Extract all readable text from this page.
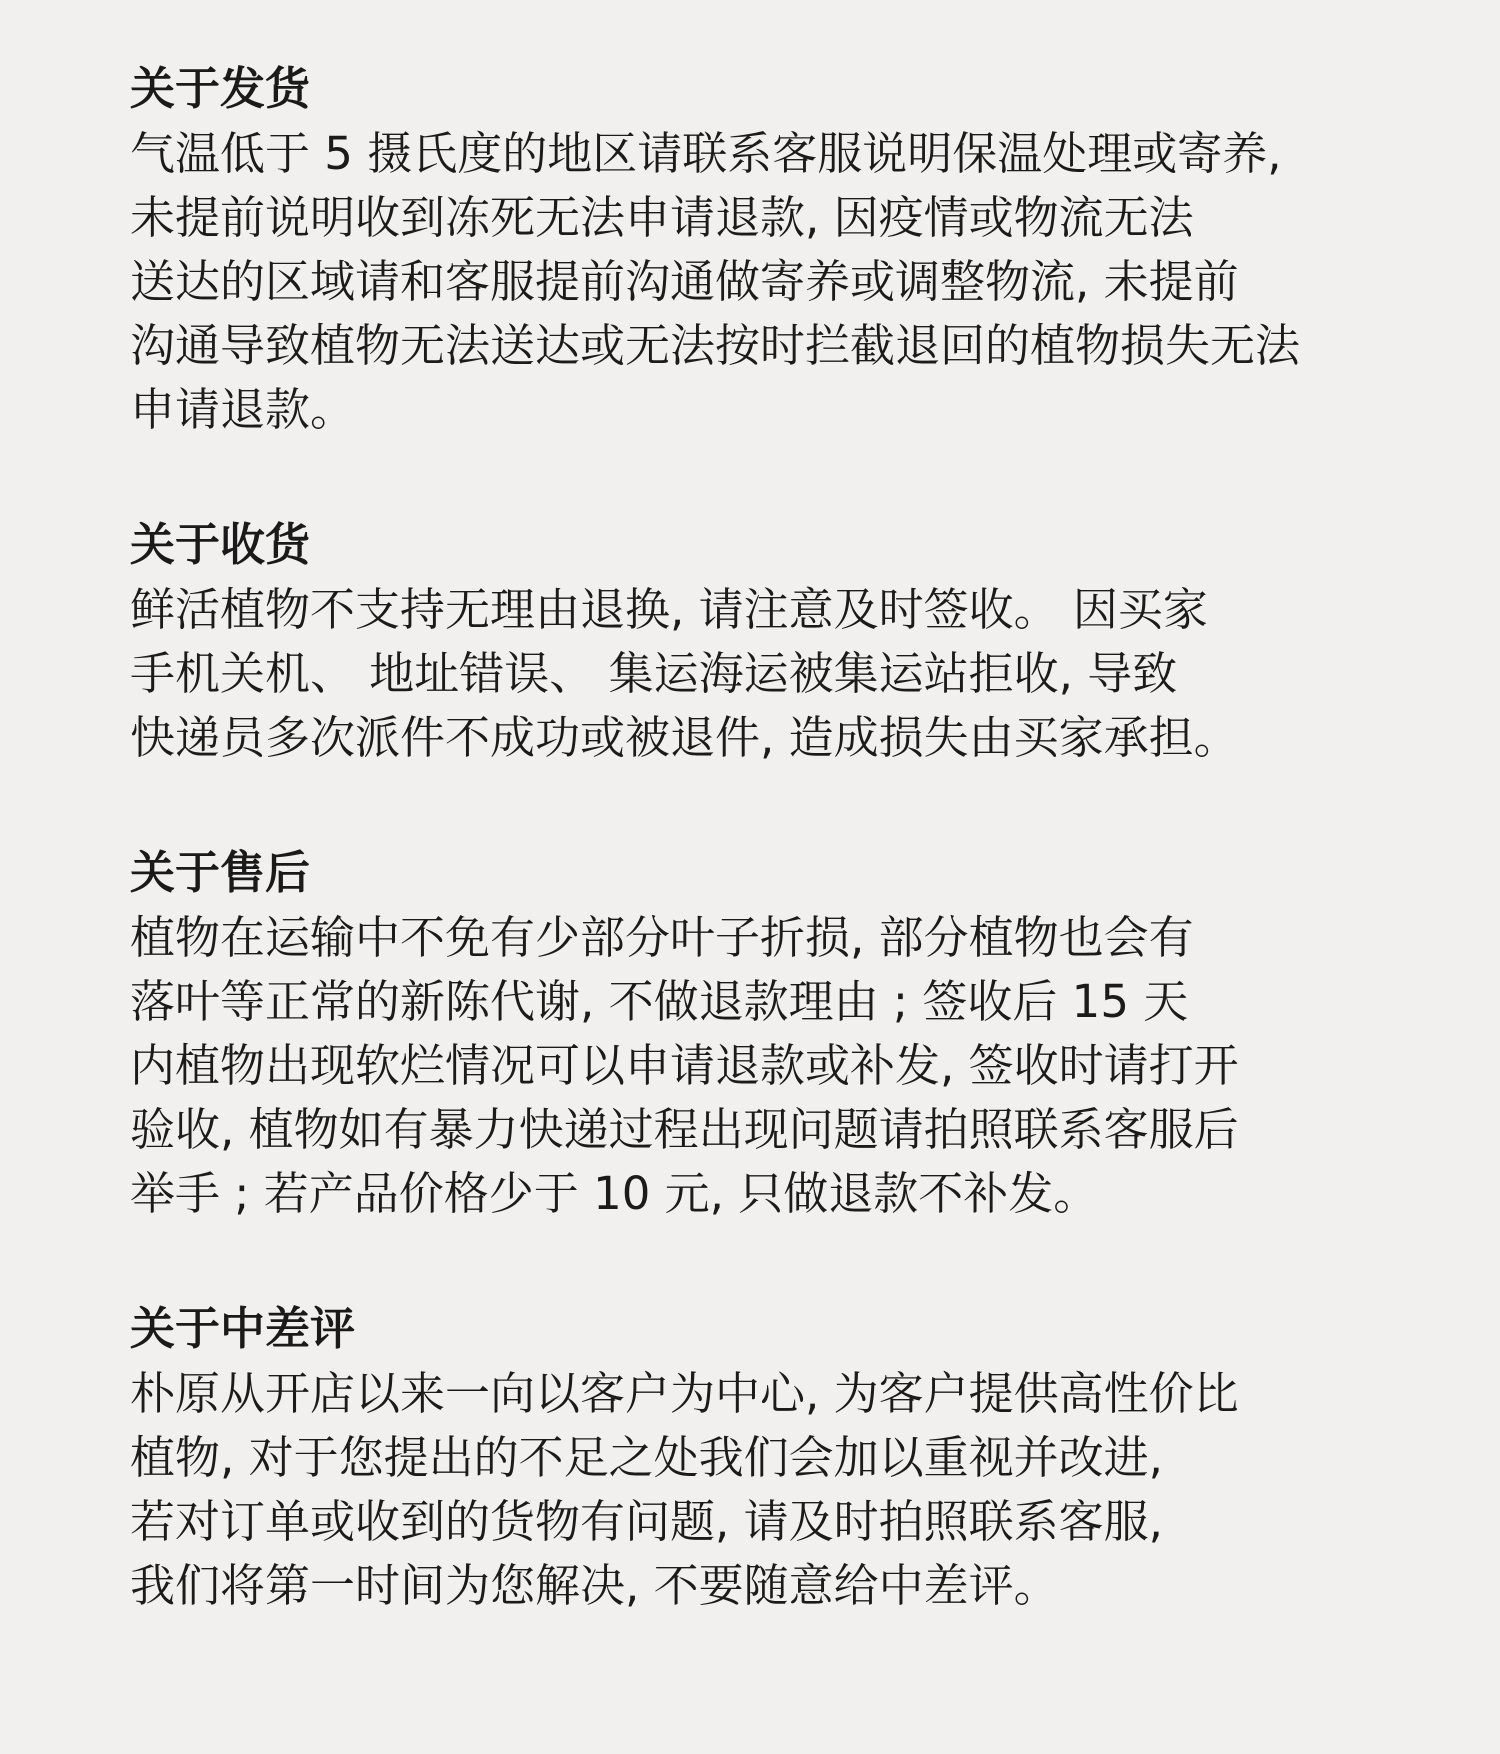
关于发货
气温低于 5 摄氏度的地区请联系客服说明保温处理或寄养,
未提前说明收到冻死无法申请退款, 因疫情或物流无法
送达的区域请和客服提前沟通做寄养或调整物流, 未提前
沟通导致植物无法送达或无法按时拦截退回的植物损失无法
申请退款。
关于收货
鲜活植物不支持无理由退换, 请注意及时签收。 因买家
手机关机、 地址错误、 集运海运被集运站拒收, 导致
快递员多次派件不成功或被退件, 造成损失由买家承担。
关于售后
植物在运输中不免有少部分叶子折损, 部分植物也会有
落叶等正常的新陈代谢, 不做退款理由 ; 签收后 15 天
内植物出现软烂情况可以申请退款或补发, 签收时请打开
验收, 植物如有暴力快递过程出现问题请拍照联系客服后
举手 ; 若产品价格少于 10 元, 只做退款不补发。
关于中差评
朴原从开店以来一向以客户为中心, 为客户提供高性价比
植物, 对于您提出的不足之处我们会加以重视并改进,
若对订单或收到的货物有问题, 请及时拍照联系客服,
我们将第一时间为您解决, 不要随意给中差评。
